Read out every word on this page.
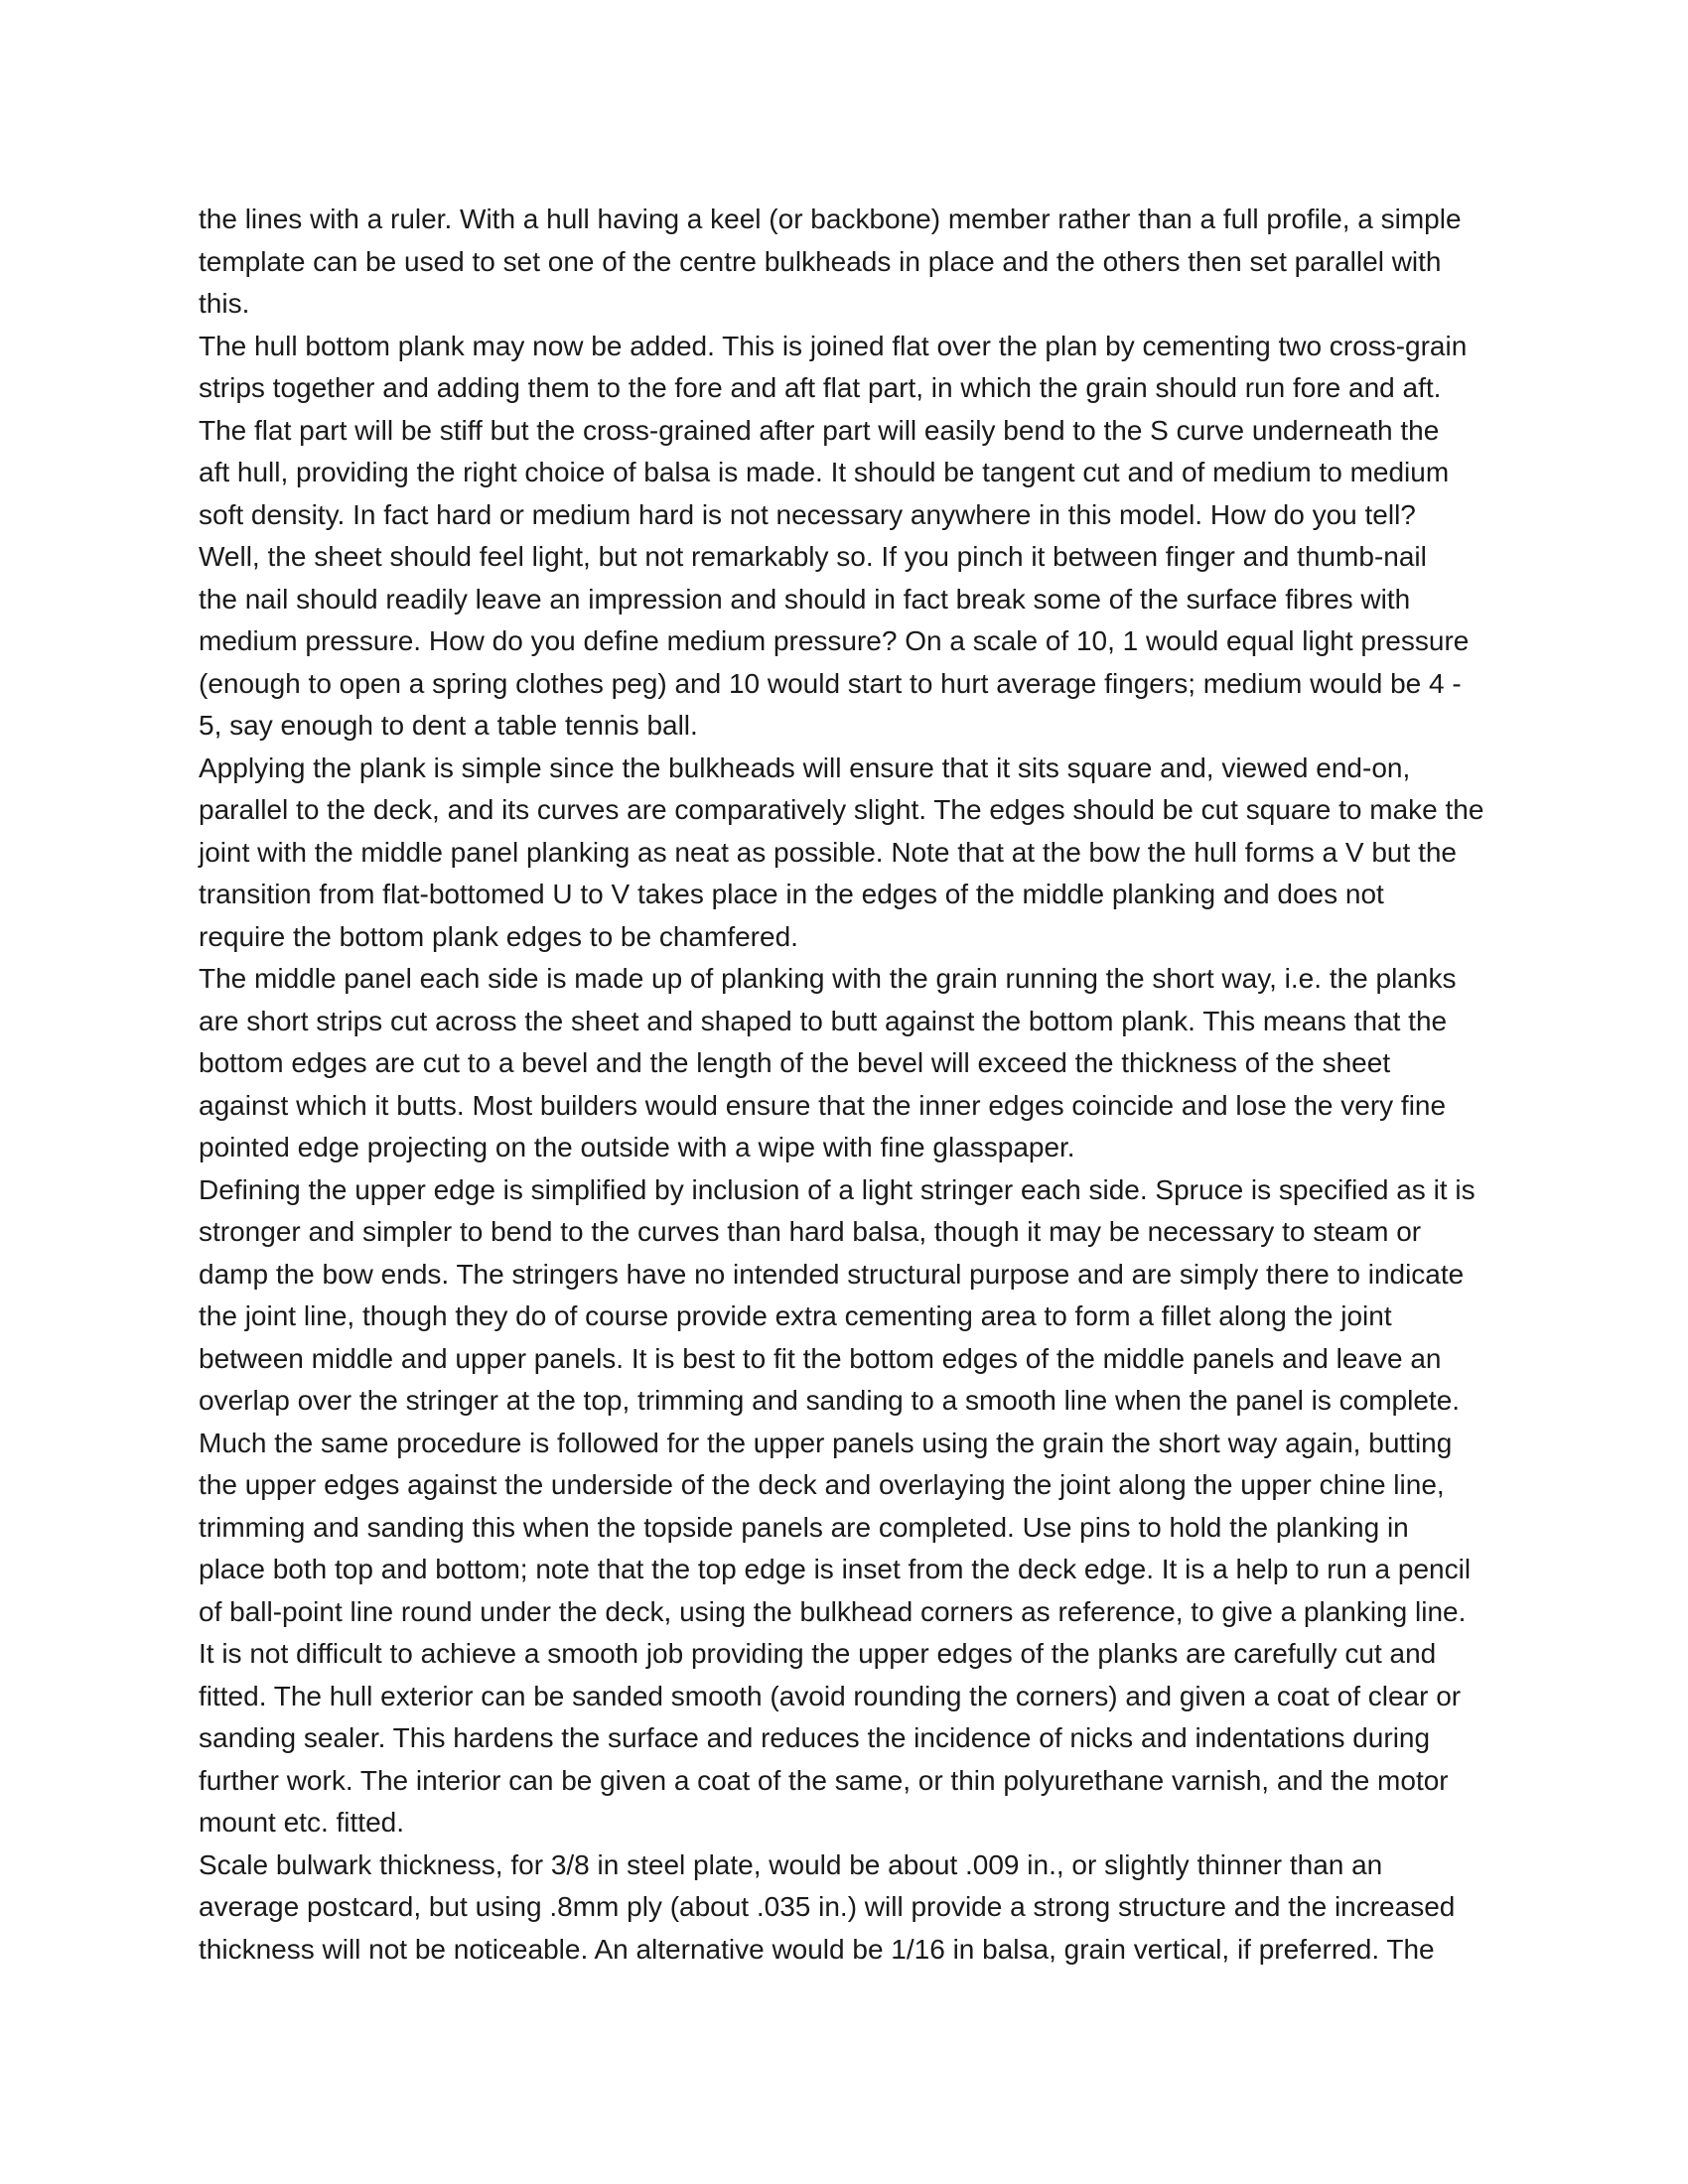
the lines with a ruler. With a hull having a keel (or backbone) member rather than a full profile, a simple
template can be used to set one of the centre bulkheads in place and the others then set parallel with
this.

The hull bottom plank may now be added. This is joined flat over the plan by cementing two cross-grain
strips together and adding them to the fore and aft flat part, in which the grain should run fore and aft.
The flat part will be stiff but the cross-grained after part will easily bend to the S curve underneath the
aft hull, providing the right choice of balsa is made. It should be tangent cut and of medium to medium
soft density. In fact hard or medium hard is not necessary anywhere in this model. How do you tell?
Well, the sheet should feel light, but not remarkably so. If you pinch it between finger and thumb-nail
the nail should readily leave an impression and should in fact break some of the surface fibres with
medium pressure. How do you define medium pressure? On a scale of 10, 1 would equal light pressure
(enough to open a spring clothes peg) and 10 would start to hurt average fingers; medium would be 4 -
5, say enough to dent a table tennis ball.

Applying the plank is simple since the bulkheads will ensure that it sits square and, viewed end-on,
parallel to the deck, and its curves are comparatively slight. The edges should be cut square to make the
joint with the middle panel planking as neat as possible. Note that at the bow the hull forms a V but the
transition from flat-bottomed U to V takes place in the edges of the middle planking and does not
require the bottom plank edges to be chamfered.

The middle panel each side is made up of planking with the grain running the short way, i.e. the planks
are short strips cut across the sheet and shaped to butt against the bottom plank. This means that the
bottom edges are cut to a bevel and the length of the bevel will exceed the thickness of the sheet
against which it butts. Most builders would ensure that the inner edges coincide and lose the very fine
pointed edge projecting on the outside with a wipe with fine glasspaper.

Defining the upper edge is simplified by inclusion of a light stringer each side. Spruce is specified as it is
stronger and simpler to bend to the curves than hard balsa, though it may be necessary to steam or
damp the bow ends. The stringers have no intended structural purpose and are simply there to indicate
the joint line, though they do of course provide extra cementing area to form a fillet along the joint
between middle and upper panels. It is best to fit the bottom edges of the middle panels and leave an
overlap over the stringer at the top, trimming and sanding to a smooth line when the panel is complete.

Much the same procedure is followed for the upper panels using the grain the short way again, butting
the upper edges against the underside of the deck and overlaying the joint along the upper chine line,
trimming and sanding this when the topside panels are completed. Use pins to hold the planking in
place both top and bottom; note that the top edge is inset from the deck edge. It is a help to run a pencil
of ball-point line round under the deck, using the bulkhead corners as reference, to give a planking line.
It is not difficult to achieve a smooth job providing the upper edges of the planks are carefully cut and
fitted. The hull exterior can be sanded smooth (avoid rounding the corners) and given a coat of clear or
sanding sealer. This hardens the surface and reduces the incidence of nicks and indentations during
further work. The interior can be given a coat of the same, or thin polyurethane varnish, and the motor
mount etc. fitted.

Scale bulwark thickness, for 3/8 in steel plate, would be about .009 in., or slightly thinner than an
average postcard, but using .8mm ply (about .035 in.) will provide a strong structure and the increased
thickness will not be noticeable. An alternative would be 1/16 in balsa, grain vertical, if preferred. The
